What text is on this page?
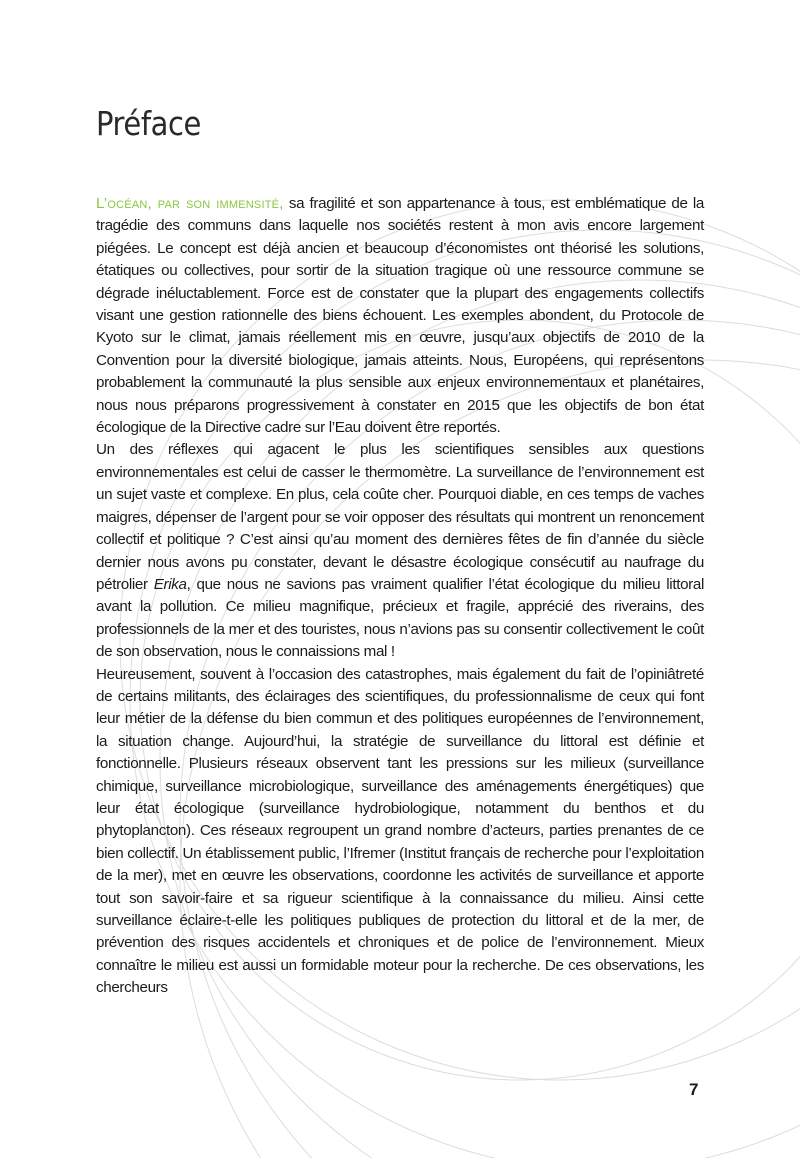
Préface

L’océan, par son immensité, sa fragilité et son appartenance à tous, est emblématique de la tragédie des communs dans laquelle nos sociétés restent à mon avis encore largement piégées. Le concept est déjà ancien et beaucoup d’économistes ont théorisé les solutions, étatiques ou collectives, pour sortir de la situation tragique où une ressource commune se dégrade inéluctablement. Force est de constater que la plupart des engagements collectifs visant une gestion rationnelle des biens échouent. Les exemples abondent, du Protocole de Kyoto sur le climat, jamais réellement mis en œuvre, jusqu’aux objectifs de 2010 de la Convention pour la diversité biologique, jamais atteints. Nous, Européens, qui représentons probablement la communauté la plus sensible aux enjeux environnementaux et planétaires, nous nous préparons progressivement à constater en 2015 que les objectifs de bon état écologique de la Directive cadre sur l’Eau doivent être reportés.

Un des réflexes qui agacent le plus les scientifiques sensibles aux questions environnementales est celui de casser le thermomètre. La surveillance de l’environnement est un sujet vaste et complexe. En plus, cela coûte cher. Pourquoi diable, en ces temps de vaches maigres, dépenser de l’argent pour se voir opposer des résultats qui montrent un renoncement collectif et politique ? C’est ainsi qu’au moment des dernières fêtes de fin d’année du siècle dernier nous avons pu constater, devant le désastre écologique consécutif au naufrage du pétrolier Erika, que nous ne savions pas vraiment qualifier l’état écologique du milieu littoral avant la pollution. Ce milieu magnifique, précieux et fragile, apprécié des riverains, des professionnels de la mer et des touristes, nous n’avions pas su consentir collectivement le coût de son observation, nous le connaissions mal !

Heureusement, souvent à l’occasion des catastrophes, mais également du fait de l’opiniâtreté de certains militants, des éclairages des scientifiques, du professionnalisme de ceux qui font leur métier de la défense du bien commun et des politiques européennes de l’environnement, la situation change. Aujourd’hui, la stratégie de surveillance du littoral est définie et fonctionnelle. Plusieurs réseaux observent tant les pressions sur les milieux (surveillance chimique, surveillance microbiologique, surveillance des aménagements énergétiques) que leur état écologique (surveillance hydrobiologique, notamment du benthos et du phytoplancton). Ces réseaux regroupent un grand nombre d’acteurs, parties prenantes de ce bien collectif. Un établissement public, l’Ifremer (Institut français de recherche pour l’exploitation de la mer), met en œuvre les observations, coordonne les activités de surveillance et apporte tout son savoir-faire et sa rigueur scientifique à la connaissance du milieu. Ainsi cette surveillance éclaire-t-elle les politiques publiques de protection du littoral et de la mer, de prévention des risques accidentels et chroniques et de police de l’environnement. Mieux connaître le milieu est aussi un formidable moteur pour la recherche. De ces observations, les chercheurs

7
